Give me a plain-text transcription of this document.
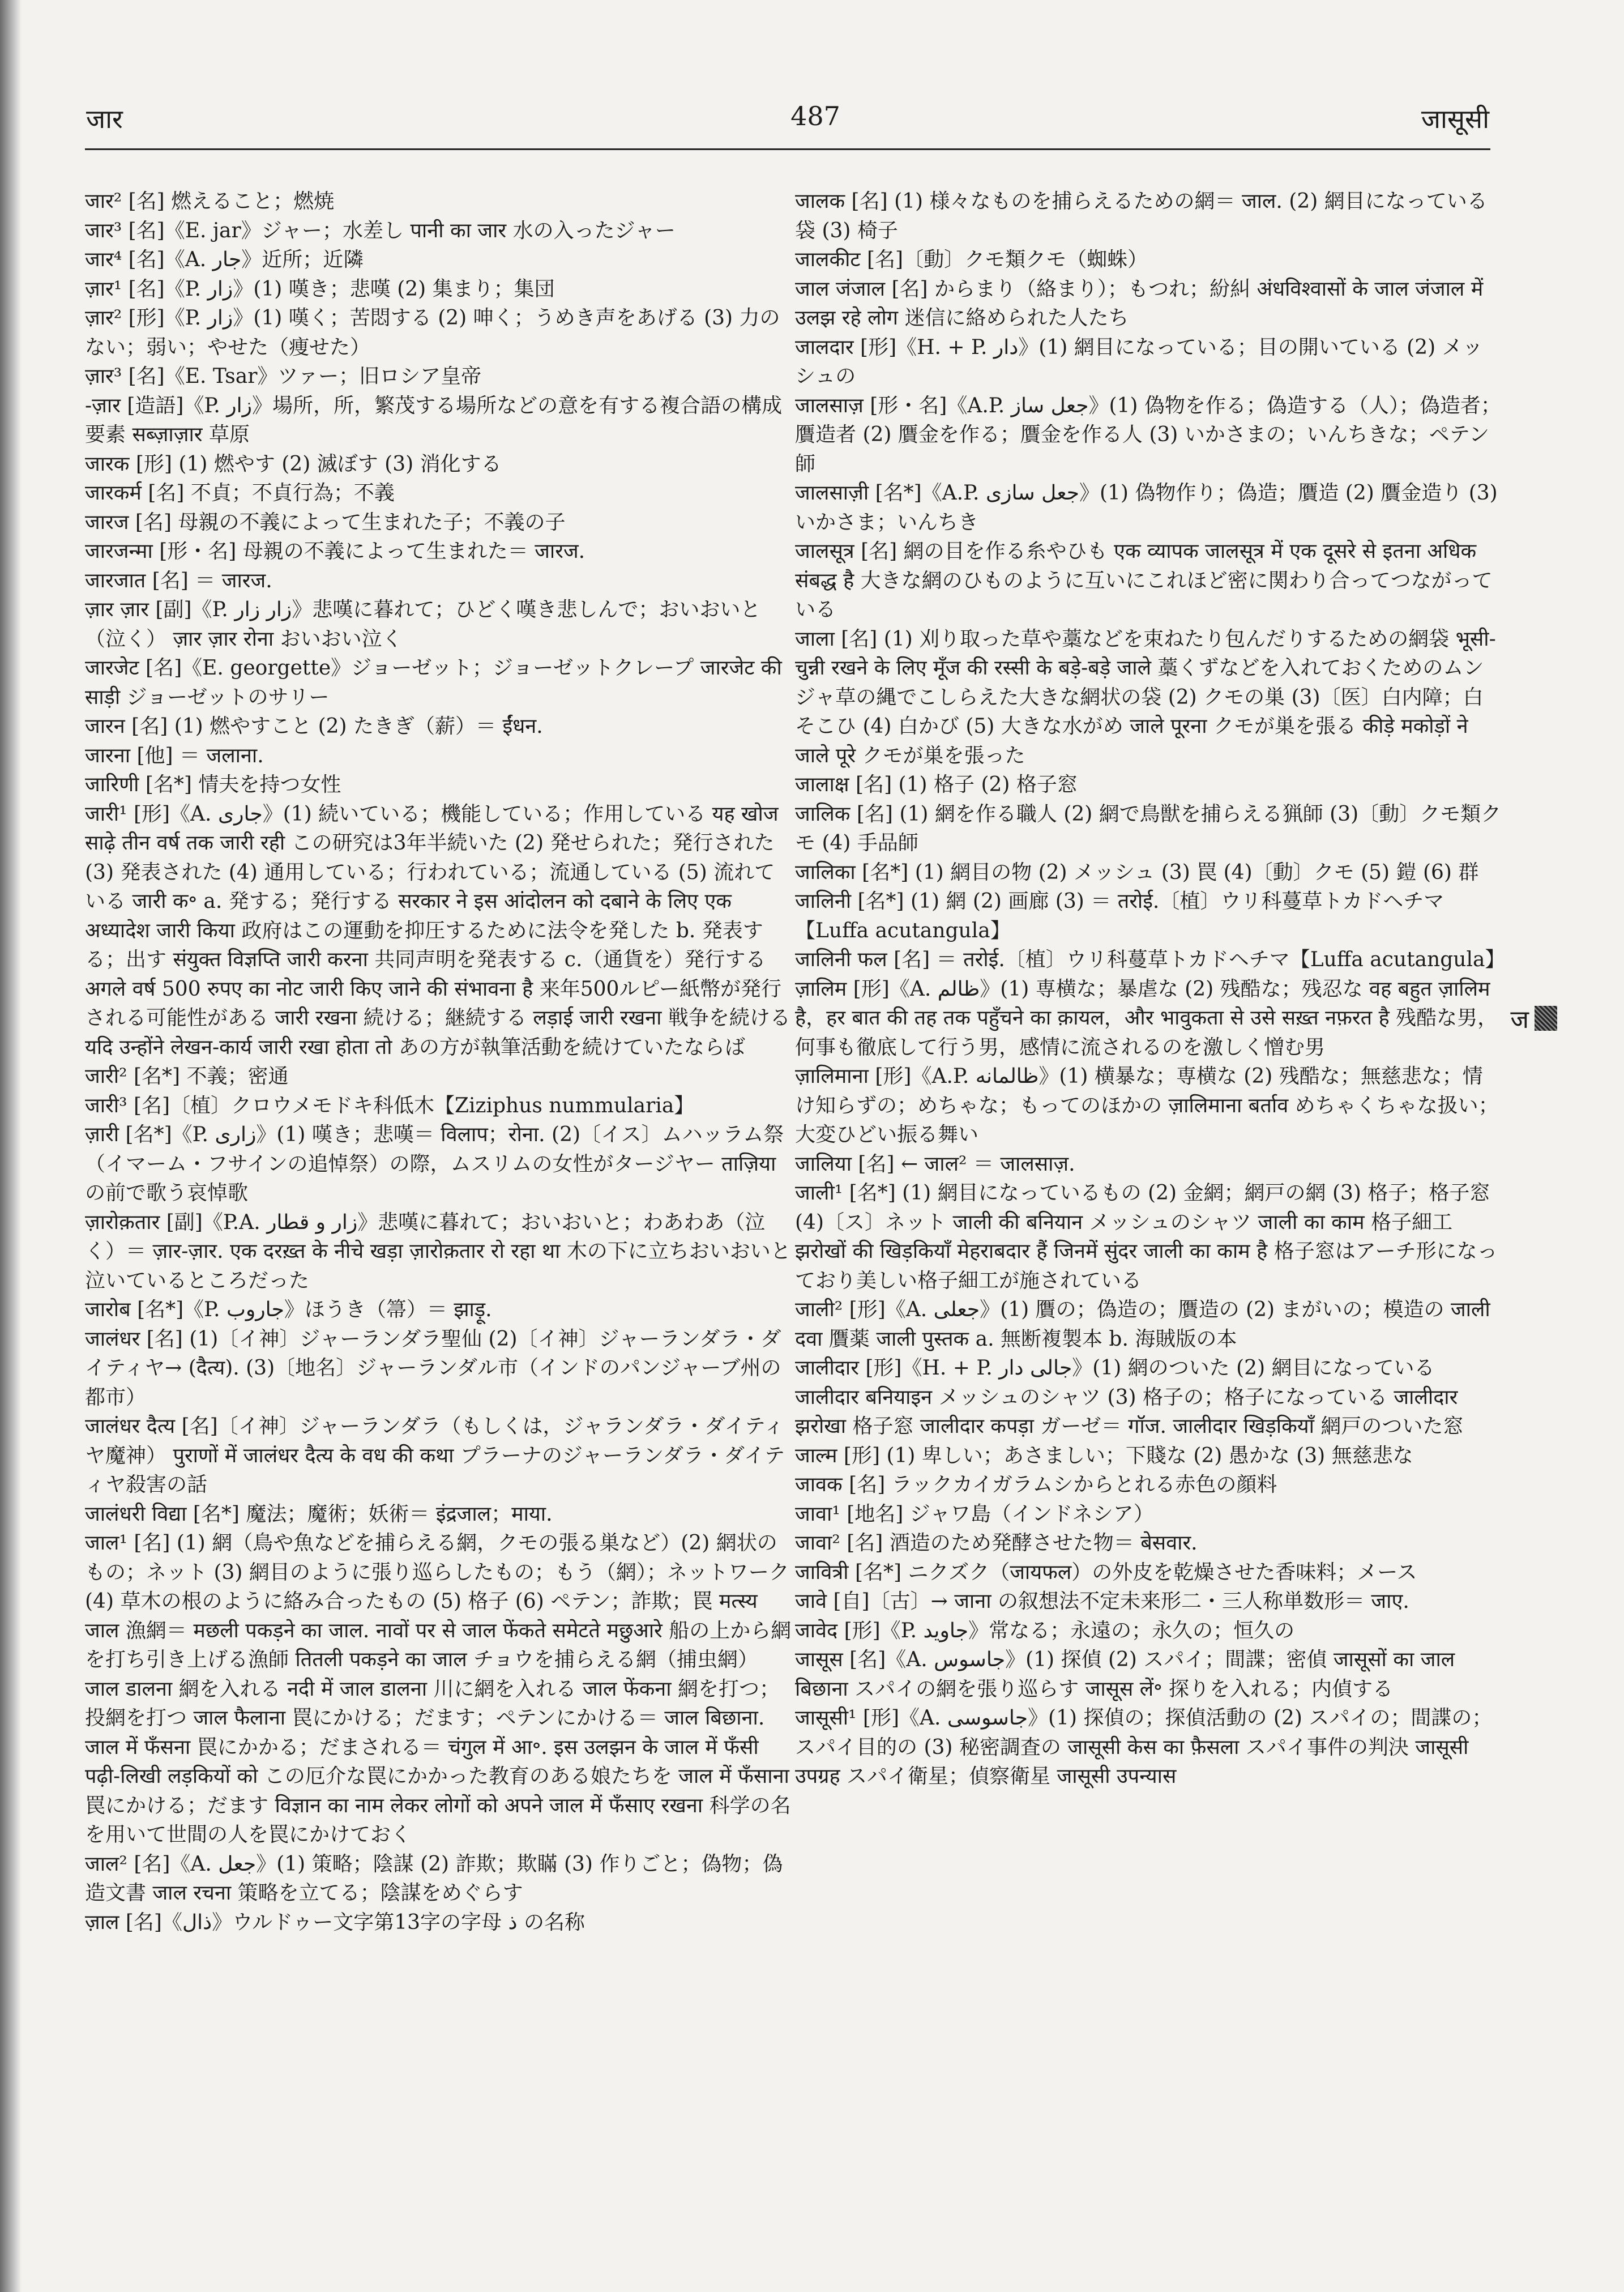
जार	487	जासूसी

जार² [名] 燃えること；燃焼

जार³ [名]《E. jar》ジャー；水差し पानी का जार 水の入ったジャー

जार⁴ [名]《A. جار》近所；近隣

ज़ार¹ [名]《P. زار》(1) 嘆き；悲嘆 (2) 集まり；集団

ज़ार² [形]《P. زار》(1) 嘆く；苦悶する (2) 呻く；うめき声をあげる (3) 力のない；弱い；やせた（痩せた）

ज़ार³ [名]《E. Tsar》ツァー；旧ロシア皇帝

-ज़ार [造語]《P. زار》場所，所，繁茂する場所などの意を有する複合語の構成要素 सब्ज़ाज़ार 草原

जारक [形] (1) 燃やす (2) 滅ぼす (3) 消化する

जारकर्म [名] 不貞；不貞行為；不義

जारज [名] 母親の不義によって生まれた子；不義の子

जारजन्मा [形・名] 母親の不義によって生まれた＝ जारज.

जारजात [名] ＝ जारज.

ज़ार ज़ार [副]《P. زار زار》悲嘆に暮れて；ひどく嘆き悲しんで；おいおいと（泣く） ज़ार ज़ार रोना おいおい泣く

जारजेट [名]《E. georgette》ジョーゼット；ジョーゼットクレープ जारजेट की साड़ी ジョーゼットのサリー

जारन [名] (1) 燃やすこと (2) たきぎ（薪）＝ ईंधन.

जारना [他] ＝ जलाना.

जारिणी [名*] 情夫を持つ女性

जारी¹ [形]《A. جاری》(1) 続いている；機能している；作用している यह खोज साढ़े तीन वर्ष तक जारी रही この研究は3年半続いた (2) 発せられた；発行された (3) 発表された (4) 通用している；行われている；流通している (5) 流れている जारी क॰ a. 発する；発行する सरकार ने इस आंदोलन को दबाने के लिए एक अध्यादेश जारी किया 政府はこの運動を抑圧するために法令を発した b. 発表する；出す संयुक्त विज्ञप्ति जारी करना 共同声明を発表する c.（通貨を）発行する अगले वर्ष 500 रुपए का नोट जारी किए जाने की संभावना है 来年500ルピー紙幣が発行される可能性がある जारी रखना 続ける；継続する लड़ाई जारी रखना 戦争を続ける यदि उन्होंने लेखन-कार्य जारी रखा होता तो あの方が執筆活動を続けていたならば

जारी² [名*] 不義；密通

जारी³ [名]〔植〕クロウメモドキ科低木【Ziziphus nummularia】

ज़ारी [名*]《P. زاری》(1) 嘆き；悲嘆＝ विलाप；रोना. (2)〔イス〕ムハッラム祭（イマーム・フサインの追悼祭）の際，ムスリムの女性がタージヤー ताज़िया の前で歌う哀悼歌

ज़ारोक़तार [副]《P.A. زار و قطار》悲嘆に暮れて；おいおいと；わあわあ（泣く）＝ ज़ार-ज़ार. एक दरख़्त के नीचे खड़ा ज़ारोक़तार रो रहा था 木の下に立ちおいおいと泣いているところだった

जारोब [名*]《P. جاروب》ほうき（箒）＝ झाड़ू.

जालंधर [名] (1)〔イ神〕ジャーランダラ聖仙 (2)〔イ神〕ジャーランダラ・ダイティヤ→ (दैत्य). (3)〔地名〕ジャーランダル市（インドのパンジャーブ州の都市）

जालंधर दैत्य [名]〔イ神〕ジャーランダラ（もしくは，ジャランダラ・ダイティヤ魔神） पुराणों में जालंधर दैत्य के वध की कथा プラーナのジャーランダラ・ダイティヤ殺害の話

जालंधरी विद्या [名*] 魔法；魔術；妖術＝ इंद्रजाल；माया.

जाल¹ [名] (1) 網（鳥や魚などを捕らえる網，クモの張る巣など）(2) 網状のもの；ネット (3) 網目のように張り巡らしたもの；もう（網）；ネットワーク (4) 草木の根のように絡み合ったもの (5) 格子 (6) ペテン；詐欺；罠 मत्स्य जाल 漁網＝ मछली पकड़ने का जाल. नावों पर से जाल फेंकते समेटते मछुआरे 船の上から網を打ち引き上げる漁師 तितली पकड़ने का जाल チョウを捕らえる網（捕虫網） जाल डालना 網を入れる नदी में जाल डालना 川に網を入れる जाल फेंकना 網を打つ；投網を打つ जाल फैलाना 罠にかける；だます；ペテンにかける＝ जाल बिछाना. जाल में फँसना 罠にかかる；だまされる＝ चंगुल में आ॰. इस उलझन के जाल में फँसी पढ़ी-लिखी लड़कियों को この厄介な罠にかかった教育のある娘たちを जाल में फँसाना 罠にかける；だます विज्ञान का नाम लेकर लोगों को अपने जाल में फँसाए रखना 科学の名を用いて世間の人を罠にかけておく

जाल² [名]《A. جعل》(1) 策略；陰謀 (2) 詐欺；欺瞞 (3) 作りごと；偽物；偽造文書 जाल रचना 策略を立てる；陰謀をめぐらす

ज़ाल [名]《ذال》ウルドゥー文字第13字の字母 ذ の名称

जालक [名] (1) 様々なものを捕らえるための網＝ जाल. (2) 網目になっている袋 (3) 椅子

जालकीट [名]〔動〕クモ類クモ（蜘蛛）

जाल जंजाल [名] からまり（絡まり）；もつれ；紛糾 अंधविश्वासों के जाल जंजाल में उलझ रहे लोग 迷信に絡められた人たち

जालदार [形]《H. + P. دار》(1) 網目になっている；目の開いている (2) メッシュの

जालसाज़ [形・名]《A.P. جعل ساز》(1) 偽物を作る；偽造する（人）；偽造者；贋造者 (2) 贋金を作る；贋金を作る人 (3) いかさまの；いんちきな；ペテン師

जालसाज़ी [名*]《A.P. جعل سازی》(1) 偽物作り；偽造；贋造 (2) 贋金造り (3) いかさま；いんちき

जालसूत्र [名] 網の目を作る糸やひも एक व्यापक जालसूत्र में एक दूसरे से इतना अधिक संबद्ध है 大きな網のひものように互いにこれほど密に関わり合ってつながっている

जाला [名] (1) 刈り取った草や藁などを束ねたり包んだりするための網袋 भूसी-चुन्नी रखने के लिए मूँज की रस्सी के बड़े-बड़े जाले 藁くずなどを入れておくためのムンジャ草の縄でこしらえた大きな網状の袋 (2) クモの巣 (3)〔医〕白内障；白そこひ (4) 白かび (5) 大きな水がめ जाले पूरना クモが巣を張る कीड़े मकोड़ों ने जाले पूरे クモが巣を張った

जालाक्ष [名] (1) 格子 (2) 格子窓

जालिक [名] (1) 網を作る職人 (2) 網で鳥獣を捕らえる猟師 (3)〔動〕クモ類クモ (4) 手品師

जालिका [名*] (1) 網目の物 (2) メッシュ (3) 罠 (4)〔動〕クモ (5) 鎧 (6) 群

जालिनी [名*] (1) 網 (2) 画廊 (3) ＝ तरोई.〔植〕ウリ科蔓草トカドヘチマ【Luffa acutangula】

जालिनी फल [名] ＝ तरोई.〔植〕ウリ科蔓草トカドヘチマ【Luffa acutangula】

ज़ालिम [形]《A. ظالم》(1) 専横な；暴虐な (2) 残酷な；残忍な वह बहुत ज़ालिम है，हर बात की तह तक पहुँचने का क़ायल，और भावुकता से उसे सख़्त नफ़रत है 残酷な男，何事も徹底して行う男，感情に流されるのを激しく憎む男

ज़ालिमाना [形]《A.P. ظالمانه》(1) 横暴な；専横な (2) 残酷な；無慈悲な；情け知らずの；めちゃな；もってのほかの ज़ालिमाना बर्ताव めちゃくちゃな扱い；大変ひどい振る舞い

जालिया [名] ← जाल² ＝ जालसाज़.

जाली¹ [名*] (1) 網目になっているもの (2) 金網；網戸の網 (3) 格子；格子窓 (4)〔ス〕ネット जाली की बनियान メッシュのシャツ जाली का काम 格子細工 झरोखों की खिड़कियाँ मेहराबदार हैं जिनमें सुंदर जाली का काम है 格子窓はアーチ形になっており美しい格子細工が施されている

जाली² [形]《A. جعلی》(1) 贋の；偽造の；贋造の (2) まがいの；模造の जाली दवा 贋薬 जाली पुस्तक a. 無断複製本 b. 海賊版の本

जालीदार [形]《H. + P. جالی دار》(1) 網のついた (2) 網目になっている जालीदार बनियाइन メッシュのシャツ (3) 格子の；格子になっている जालीदार झरोखा 格子窓 जालीदार कपड़ा ガーゼ＝ गॉज. जालीदार खिड़कियाँ 網戸のついた窓

जाल्म [形] (1) 卑しい；あさましい；下賤な (2) 愚かな (3) 無慈悲な

जावक [名] ラックカイガラムシからとれる赤色の顔料

जावा¹ [地名] ジャワ島（インドネシア）

जावा² [名] 酒造のため発酵させた物＝ बेसवार.

जावित्री [名*] ニクズク（जायफल）の外皮を乾燥させた香味料；メース

जावे [自]〔古〕→ जाना の叙想法不定未来形二・三人称単数形＝ जाए.

जावेद [形]《P. جاوید》常なる；永遠の；永久の；恒久の

जासूस [名]《A. جاسوس》(1) 探偵 (2) スパイ；間諜；密偵 जासूसों का जाल बिछाना スパイの網を張り巡らす जासूस लें॰ 探りを入れる；内偵する

जासूसी¹ [形]《A. جاسوسی》(1) 探偵の；探偵活動の (2) スパイの；間諜の；スパイ目的の (3) 秘密調査の जासूसी केस का फ़ैसला スパイ事件の判決 जासूसी उपग्रह スパイ衛星；偵察衛星 जासूसी उपन्यास

ज
